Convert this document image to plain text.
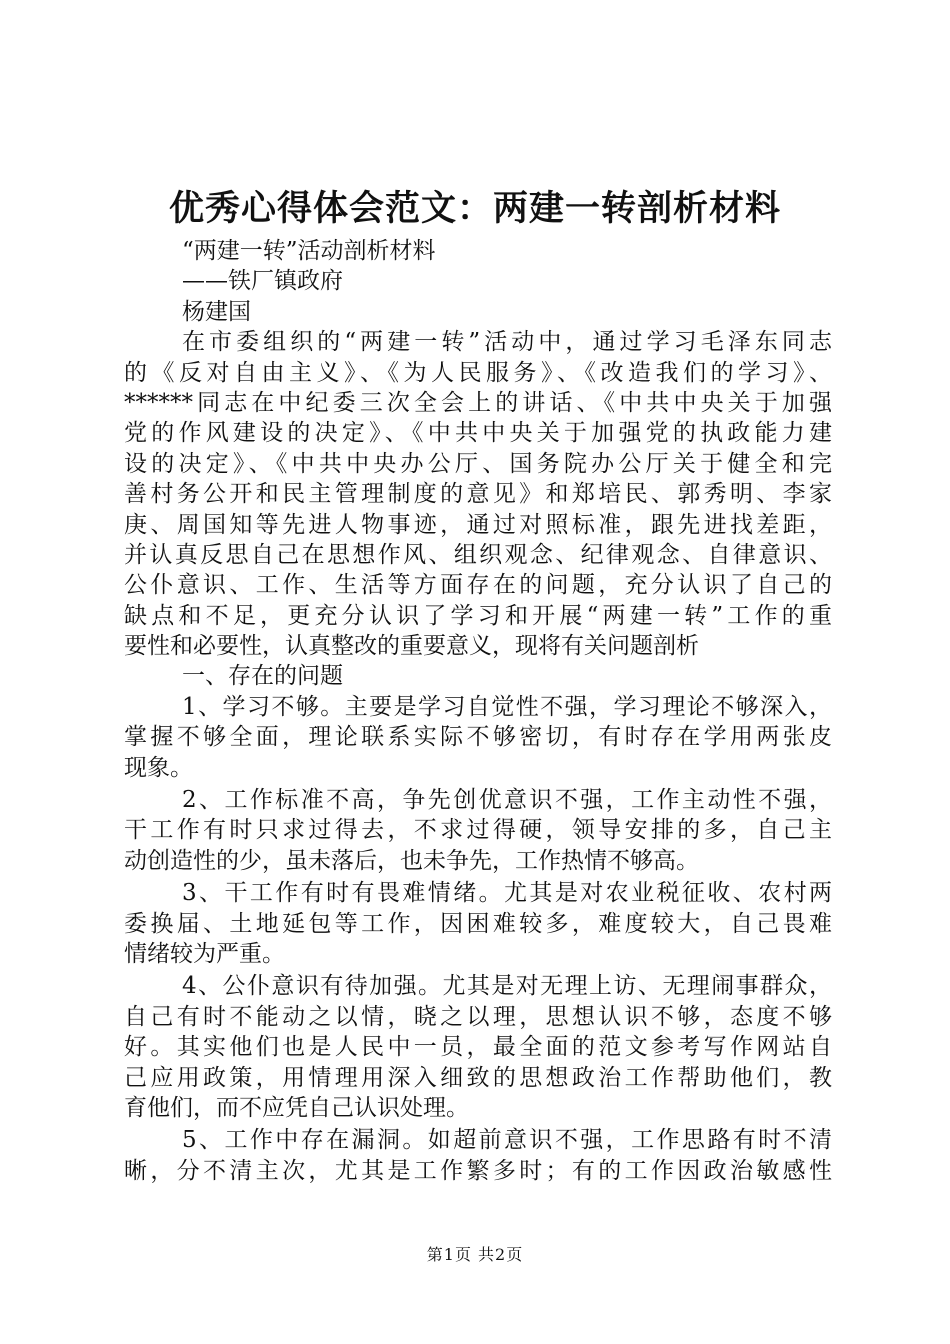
优秀心得体会范文：两建一转剖析材料

“两建一转”活动剖析材料

——铁厂镇政府

杨建国

在市委组织的“两建一转”活动中，通过学习毛泽东同志

的《反对自由主义》、《为人民服务》、《改造我们的学习》、

******同志在中纪委三次全会上的讲话、《中共中央关于加强

党的作风建设的决定》、《中共中央关于加强党的执政能力建

设的决定》、《中共中央办公厅、国务院办公厅关于健全和完

善村务公开和民主管理制度的意见》和郑培民、郭秀明、李家

庚、周国知等先进人物事迹，通过对照标准，跟先进找差距，

并认真反思自己在思想作风、组织观念、纪律观念、自律意识、

公仆意识、工作、生活等方面存在的问题，充分认识了自己的

缺点和不足，更充分认识了学习和开展“两建一转”工作的重

要性和必要性，认真整改的重要意义，现将有关问题剖析

一、存在的问题

1、学习不够。主要是学习自觉性不强，学习理论不够深入，

掌握不够全面，理论联系实际不够密切，有时存在学用两张皮

现象。

2、工作标准不高，争先创优意识不强，工作主动性不强，

干工作有时只求过得去，不求过得硬，领导安排的多，自己主

动创造性的少，虽未落后，也未争先，工作热情不够高。

3、干工作有时有畏难情绪。尤其是对农业税征收、农村两

委换届、土地延包等工作，因困难较多，难度较大，自己畏难

情绪较为严重。

4、公仆意识有待加强。尤其是对无理上访、无理闹事群众，

自己有时不能动之以情，晓之以理，思想认识不够，态度不够

好。其实他们也是人民中一员，最全面的范文参考写作网站自

己应用政策，用情理用深入细致的思想政治工作帮助他们，教

育他们，而不应凭自己认识处理。

5、工作中存在漏洞。如超前意识不强，工作思路有时不清

晰，分不清主次，尤其是工作繁多时；有的工作因政治敏感性

第1页 共2页
